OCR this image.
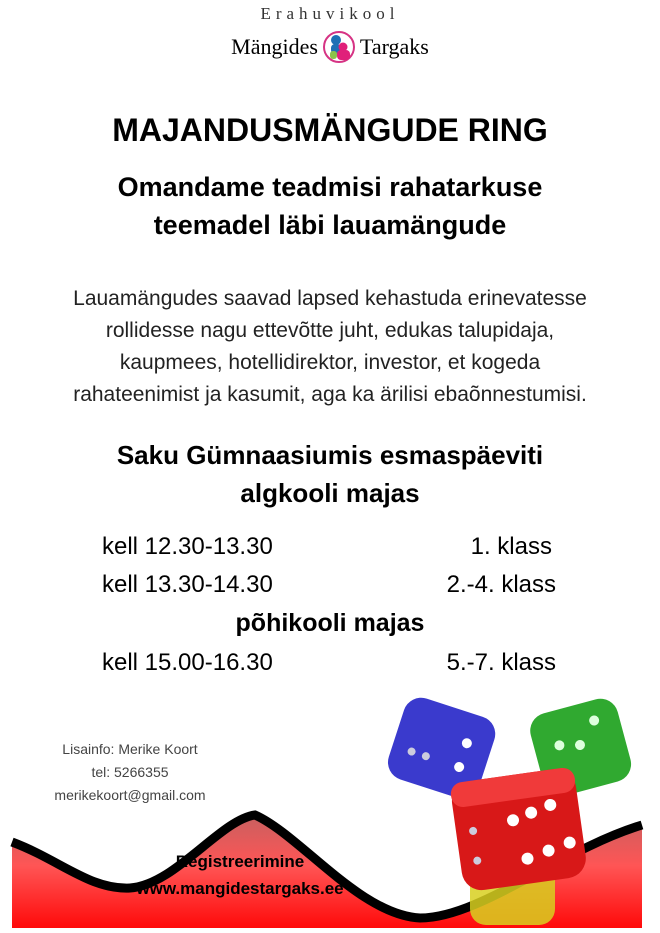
Erahuvikool
Mängides Targaks
MAJANDUSMÄNGUDE RING
Omandame teadmisi rahatarkuse
teemadel läbi lauamängude
Lauamängudes saavad lapsed kehastuda erinevatesse
rollidesse nagu ettevõtte juht, edukas talupidaja,
kaupmees, hotellidirektor, investor, et kogeda
rahateenimist ja kasumit, aga ka ärilisi ebaõnnestumisi.
Saku Gümnaasiumis esmaspäeviti
algkooli majas
kell 12.30-13.30	1. klass
kell 13.30-14.30	2.-4. klass
põhikooli majas
kell 15.00-16.30	5.-7. klass
Lisainfo: Merike Koort
tel: 5266355
merikekoort@gmail.com
Registreerimine
www.mangidestargaks.ee
